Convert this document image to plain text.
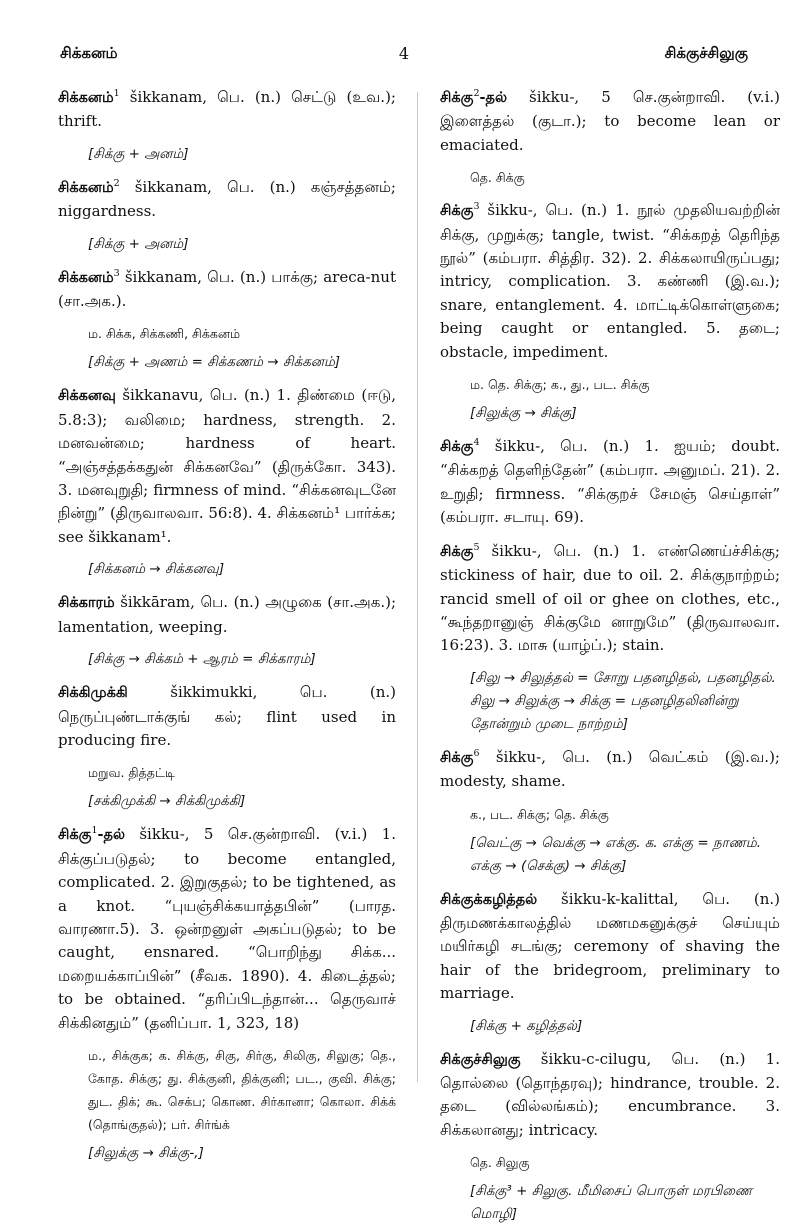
சிக்கனம்	4	சிக்குச்சிலுகு
சிக்கனம்$^1$ šikkanam, பெ. (n.) செட்டு (உவ.); thrift.
[சிக்கு + அனம்]
சிக்கனம்$^2$ šikkanam, பெ. (n.) கஞ்சத்தனம்; niggardness.
[சிக்கு + அனம்]
சிக்கனம்$^3$ šikkanam, பெ. (n.) பாக்கு; areca-nut (சா.அக.).
ம. சிக்க, சிக்கணி, சிக்கனம்
[சிக்கு + அணம் = சிக்கணம் → சிக்கனம்]
சிக்கனவு šikkanavu, பெ. (n.) 1. திண்மை (ஈடு, 5.8:3); வலிமை; hardness, strength. 2. மனவன்மை; hardness of heart. “அஞ்சத்தக்கதுன் சிக்கனவே” (திருக்கோ. 343). 3. மனவுறுதி; firmness of mind. “சிக்கனவுடனே நின்று” (திருவாலவா. 56:8). 4. சிக்கனம்¹ பார்க்க; see šikkanam¹.
[சிக்கனம் → சிக்கனவு]
சிக்காரம் šikkāram, பெ. (n.) அழுகை (சா.அக.); lamentation, weeping.
[சிக்கு → சிக்கம் + ஆரம் = சிக்காரம்]
சிக்கிமுக்கி	šikkimukki, பெ. (n.) நெருப்புண்டாக்குங் கல்; flint used in producing fire.
மறுவ. தித்தட்டி
[சக்கிமுக்கி → சிக்கிமுக்கி]
சிக்கு$^1$-தல் šikku-, 5 செ.குன்றாவி. (v.i.) 1. சிக்குப்படுதல்; to become entangled, complicated. 2. இறுகுதல்; to be tightened, as a knot. “புயஞ்சிக்கயாத்தபின்” (பாரத. வாரணா.5). 3. ஒன்றனுள் அகப்படுதல்; to be caught, ensnared. “பொறிந்து சிக்க... மறையக்காப்பின்” (சீவக. 1890). 4. கிடைத்தல்; to be obtained. “தரிப்பிடந்தான்... தெருவாச் சிக்கினதும்” (தனிப்பா. 1, 323, 18)
ம., சிக்குக; க. சிக்கு, சிகு, சிர்கு, சிலிகு, சிலுகு; தெ., கோத. சிக்கு; து. சிக்குனி, திக்குனி; பட., குவி. சிக்கு; துட. திக்; கூ. செக்ப; கொண. சிர்கானா; கொலா. சிக்க் (தொங்குதல்); பர். சிர்ங்க்
[சிலுக்கு → சிக்கு-,]
சிக்கு$^2$-தல் šikku-, 5 செ.குன்றாவி. (v.i.) இளைத்தல் (குடா.); to become lean or emaciated.
தெ. சிக்கு
சிக்கு$^3$ šikku-, பெ. (n.) 1. நூல் முதலியவற்றின் சிக்கு, முறுக்கு; tangle, twist. “சிக்கறத் தெரிந்த நூல்” (கம்பரா. சித்திர. 32). 2. சிக்கலாயிருப்பது; intricy, complication. 3. கண்ணி (இ.வ.); snare, entanglement. 4. மாட்டிக்கொள்ளுகை; being caught or entangled. 5. தடை; obstacle, impediment.
ம. தெ. சிக்கு; க., து., பட. சிக்கு
[சிலுக்கு → சிக்கு]
சிக்கு$^4$ šikku-, பெ. (n.) 1. ஐயம்; doubt. “சிக்கறத் தெளிந்தேன்” (கம்பரா. அனுமப். 21). 2. உறுதி; firmness. “சிக்குறச் சேமஞ் செய்தாள்” (கம்பரா. சடாயு. 69).
சிக்கு$^5$ šikku-, பெ. (n.) 1. எண்ணெய்ச்சிக்கு; stickiness of hair, due to oil. 2. சிக்குநாற்றம்; rancid smell of oil or ghee on clothes, etc., “கூந்தறானுஞ் சிக்குமே னாறுமே” (திருவாலவா. 16:23). 3. மாசு (யாழ்ப்.); stain.
[சிலு → சிலுத்தல் = சோறு பதனழிதல், பதனழிதல். சிலு → சிலுக்கு → சிக்கு = பதனழிதலினின்று தோன்றும் முடை நாற்றம்]
சிக்கு$^6$ šikku-, பெ. (n.) வெட்கம் (இ.வ.); modesty, shame.
க., பட. சிக்கு; தெ. சிக்கு
[வெட்கு → வெக்கு → எக்கு. க. எக்கு = நாணம். எக்கு → (செக்கு) → சிக்கு]
சிக்குக்கழித்தல் šikku-k-kalittal, பெ. (n.) திருமணக்காலத்தில் மணமகனுக்குச் செய்யும் மயிர்கழி சடங்கு; ceremony of shaving the hair of the bridegroom, preliminary to marriage.
[சிக்கு + கழித்தல்]
சிக்குச்சிலுகு šikku-c-cilugu, பெ. (n.) 1. தொல்லை (தொந்தரவு); hindrance, trouble. 2. தடை (வில்லங்கம்); encumbrance. 3. சிக்கலானது; intricacy.
தெ. சிலுகு
[சிக்கு³ + சிலுகு. மீமிசைப் பொருள் மரபிணை மொழி]
